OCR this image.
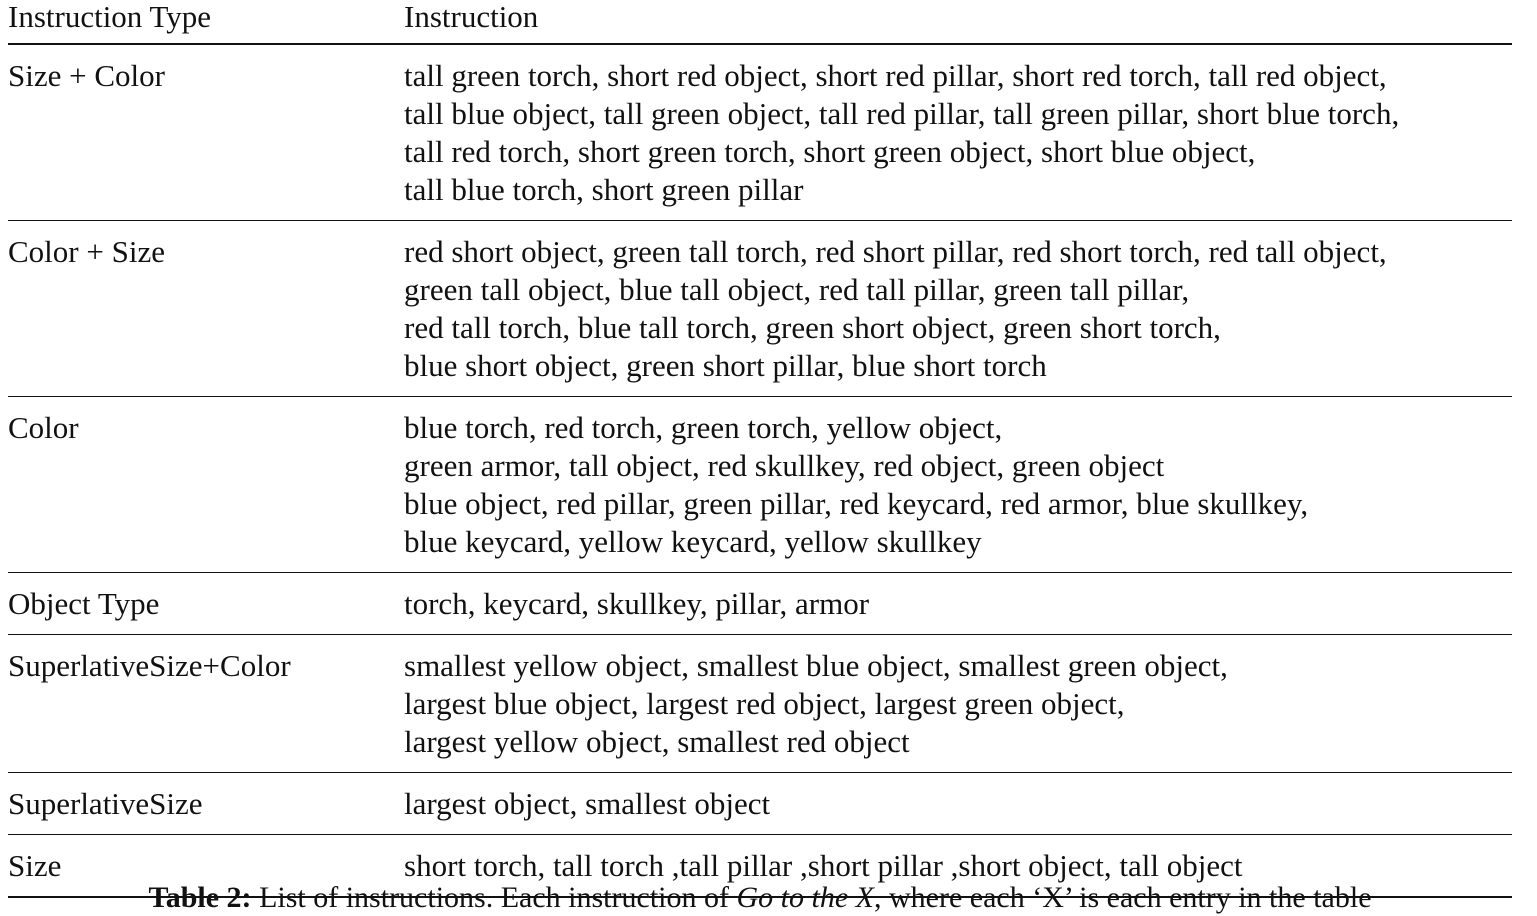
Instruction Type	Instruction
Size + Color	tall green torch, short red object, short red pillar, short red torch, tall red object,
tall blue object, tall green object, tall red pillar, tall green pillar, short blue torch,
tall red torch, short green torch, short green object, short blue object,
tall blue torch, short green pillar
Color + Size	red short object, green tall torch, red short pillar, red short torch, red tall object,
green tall object, blue tall object, red tall pillar, green tall pillar,
red tall torch, blue tall torch, green short object, green short torch,
blue short object, green short pillar, blue short torch
Color	blue torch, red torch, green torch, yellow object,
green armor, tall object, red skullkey, red object, green object
blue object, red pillar, green pillar, red keycard, red armor, blue skullkey,
blue keycard, yellow keycard, yellow skullkey
Object Type	torch, keycard, skullkey, pillar, armor
SuperlativeSize+Color	smallest yellow object, smallest blue object, smallest green object,
largest blue object, largest red object, largest green object,
largest yellow object, smallest red object
SuperlativeSize	largest object, smallest object
Size	short torch, tall torch ,tall pillar ,short pillar ,short object, tall object
Table 2: List of instructions. Each instruction of Go to the X, where each ‘X’ is each entry in the table
